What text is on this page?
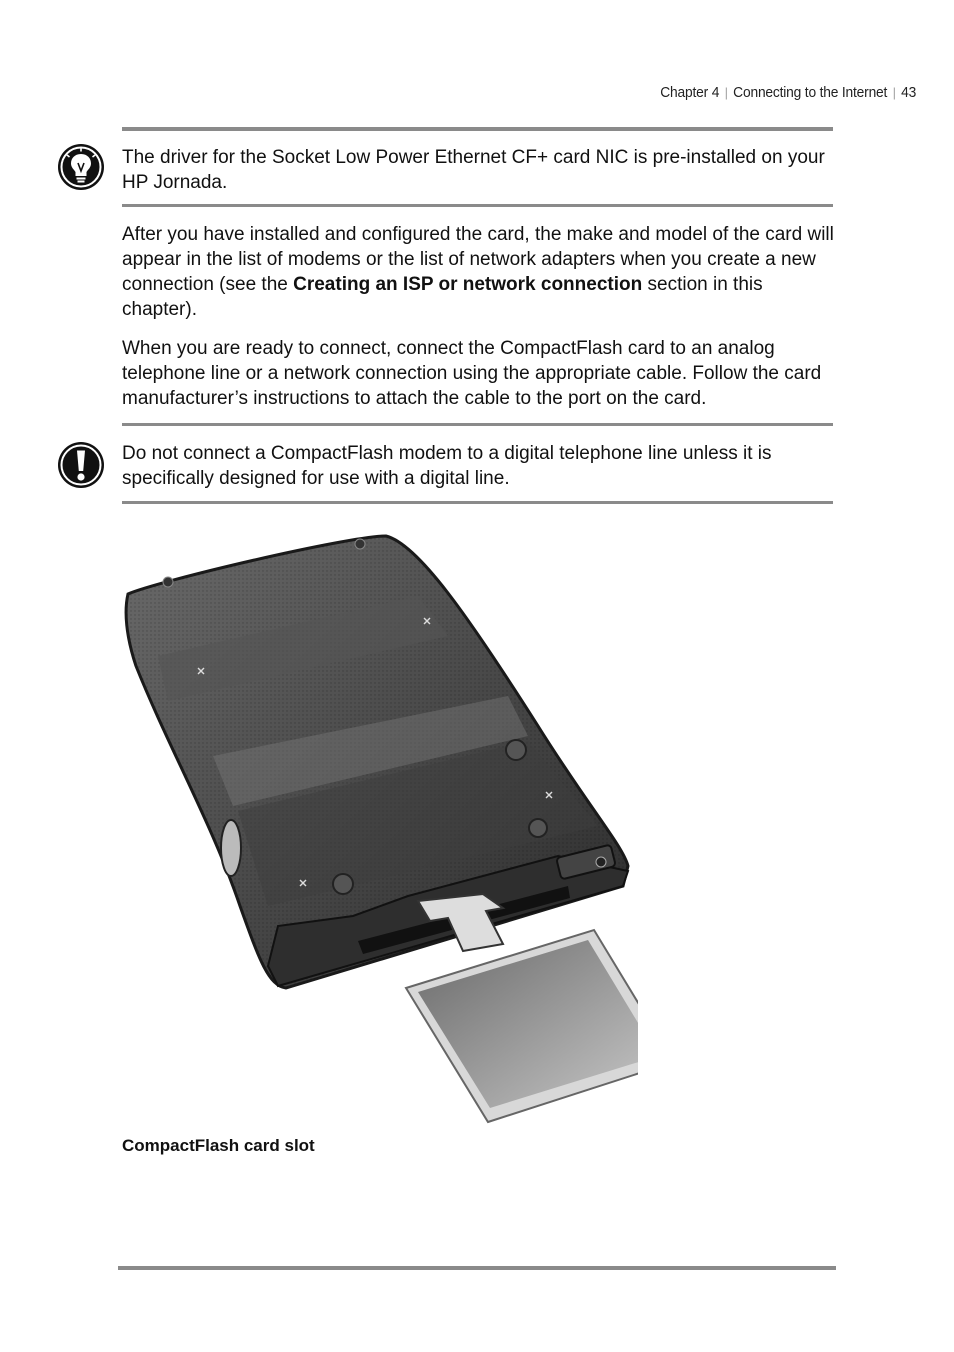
Chapter 4 | Connecting to the Internet | 43
The driver for the Socket Low Power Ethernet CF+ card NIC is pre-installed on your HP Jornada.
After you have installed and configured the card, the make and model of the card will appear in the list of modems or the list of network adapters when you create a new connection (see the Creating an ISP or network connection section in this chapter).
When you are ready to connect, connect the CompactFlash card to an analog telephone line or a network connection using the appropriate cable. Follow the card manufacturer’s instructions to attach the cable to the port on the card.
Do not connect a CompactFlash modem to a digital telephone line unless it is specifically designed for use with a digital line.
CompactFlash card slot
